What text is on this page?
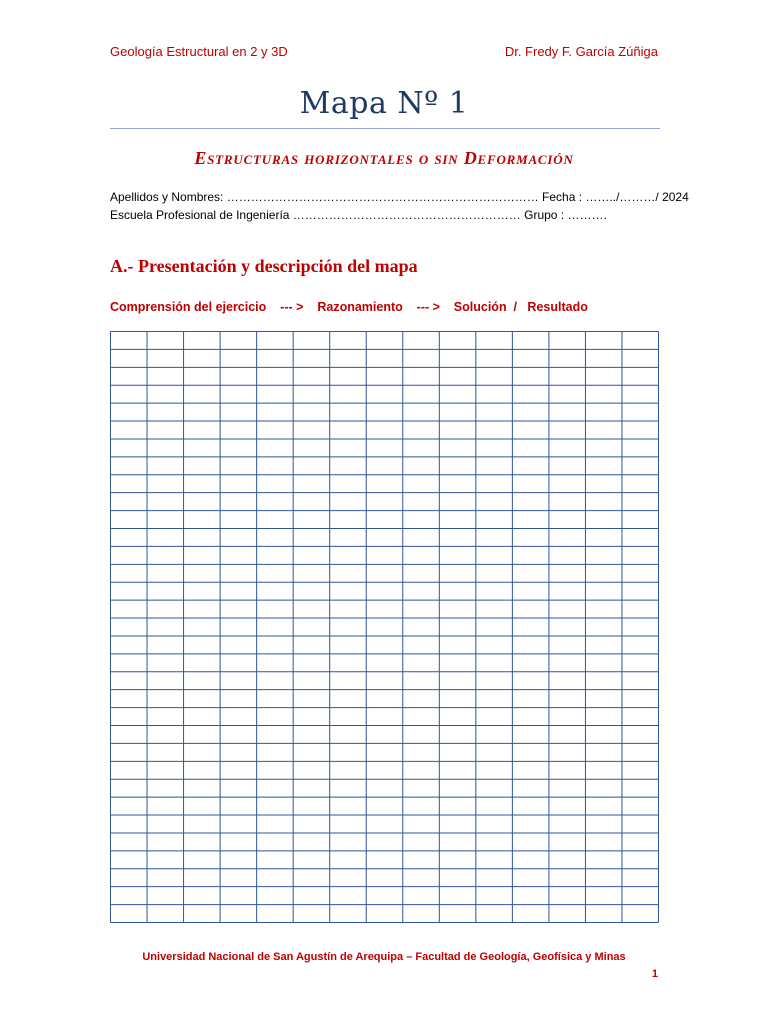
Geología Estructural en 2 y 3D	Dr. Fredy F. García Zúñiga
Mapa Nº 1
Estructuras horizontales o sin Deformación
Apellidos y Nombres: …………………………………………………………………… Fecha : ……../………/ 2024
Escuela Profesional de Ingeniería ………………………………………………… Grupo : ……….
A.- Presentación y descripción del mapa
Comprensión del ejercicio    --- >    Razonamiento    --- >    Solución  /   Resultado
Universidad Nacional de San Agustín de Arequipa – Facultad de Geología, Geofísica y Minas
1
